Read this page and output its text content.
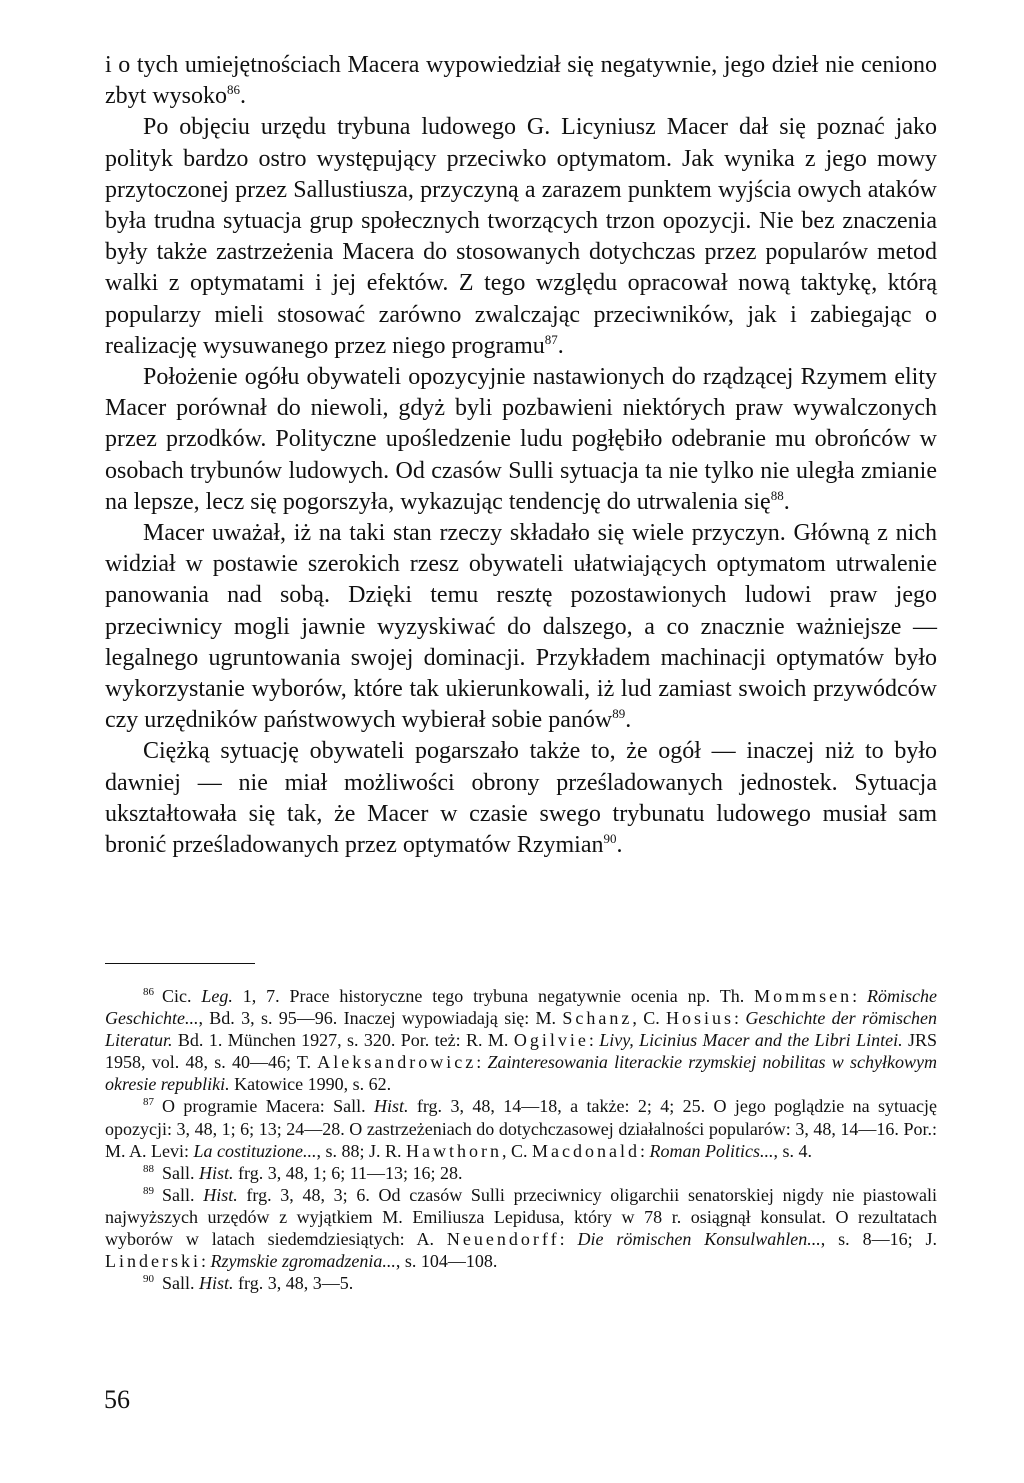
i o tych umiejętnościach Macera wypowiedział się negatywnie, jego dzieł nie ceniono zbyt wysoko$^{86}$.

Po objęciu urzędu trybuna ludowego G. Licyniusz Macer dał się poznać jako polityk bardzo ostro występujący przeciwko optymatom. Jak wynika z jego mowy przytoczonej przez Sallustiusza, przyczyną a zarazem punktem wyjścia owych ataków była trudna sytuacja grup społecznych tworzących trzon opozycji. Nie bez znaczenia były także zastrzeżenia Macera do stosowanych dotychczas przez popularów metod walki z optymatami i jej efektów. Z tego względu opracował nową taktykę, którą popularzy mieli stosować zarówno zwalczając przeciwników, jak i zabiegając o realizację wysuwanego przez niego programu$^{87}$.

Położenie ogółu obywateli opozycyjnie nastawionych do rządzącej Rzymem elity Macer porównał do niewoli, gdyż byli pozbawieni niektórych praw wywalczonych przez przodków. Polityczne upośledzenie ludu pogłębiło odebranie mu obrońców w osobach trybunów ludowych. Od czasów Sulli sytuacja ta nie tylko nie uległa zmianie na lepsze, lecz się pogorszyła, wykazując tendencję do utrwalenia się$^{88}$.

Macer uważał, iż na taki stan rzeczy składało się wiele przyczyn. Główną z nich widział w postawie szerokich rzesz obywateli ułatwiających optymatom utrwalenie panowania nad sobą. Dzięki temu resztę pozostawionych ludowi praw jego przeciwnicy mogli jawnie wyzyskiwać do dalszego, a co znacznie ważniejsze — legalnego ugruntowania swojej dominacji. Przykładem machinacji optymatów było wykorzystanie wyborów, które tak ukierunkowali, iż lud zamiast swoich przywódców czy urzędników państwowych wybierał sobie panów$^{89}$.

Ciężką sytuację obywateli pogarszało także to, że ogół — inaczej niż to było dawniej — nie miał możliwości obrony prześladowanych jednostek. Sytuacja ukształtowała się tak, że Macer w czasie swego trybunatu ludowego musiał sam bronić prześladowanych przez optymatów Rzymian$^{90}$.

$^{86}$ Cic. Leg. 1, 7. Prace historyczne tego trybuna negatywnie ocenia np. Th. Mommsen: Römische Geschichte..., Bd. 3, s. 95—96. Inaczej wypowiadają się: M. Schanz, C. Hosius: Geschichte der römischen Literatur. Bd. 1. München 1927, s. 320. Por. też: R. M. Ogilvie: Livy, Licinius Macer and the Libri Lintei. JRS 1958, vol. 48, s. 40—46; T. Aleksandrowicz: Zainteresowania literackie rzymskiej nobilitas w schyłkowym okresie republiki. Katowice 1990, s. 62.

$^{87}$ O programie Macera: Sall. Hist. frg. 3, 48, 14—18, a także: 2; 4; 25. O jego poglądzie na sytuację opozycji: 3, 48, 1; 6; 13; 24—28. O zastrzeżeniach do dotychczasowej działalności popularów: 3, 48, 14—16. Por.: M. A. Levi: La costituzione..., s. 88; J. R. Hawthorn, C. Macdonald: Roman Politics..., s. 4.

$^{88}$ Sall. Hist. frg. 3, 48, 1; 6; 11—13; 16; 28.

$^{89}$ Sall. Hist. frg. 3, 48, 3; 6. Od czasów Sulli przeciwnicy oligarchii senatorskiej nigdy nie piastowali najwyższych urzędów z wyjątkiem M. Emiliusza Lepidusa, który w 78 r. osiągnął konsulat. O rezultatach wyborów w latach siedemdziesiątych: A. Neuendorff: Die römischen Konsulwahlen..., s. 8—16; J. Linderski: Rzymskie zgromadzenia..., s. 104—108.

$^{90}$ Sall. Hist. frg. 3, 48, 3—5.

56
